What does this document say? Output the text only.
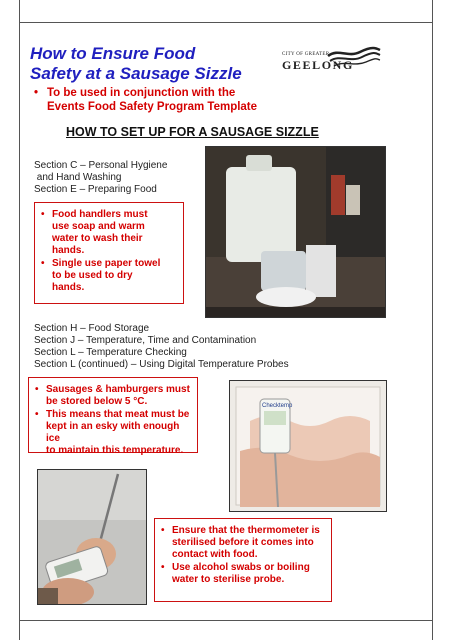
How to Ensure Food
Safety at a Sausage Sizzle
CITY OF GREATER
GEELONG
• To be used in conjunction with the
Events Food Safety Program Template
HOW TO SET UP FOR A SAUSAGE SIZZLE
Section C – Personal Hygiene
and Hand Washing
Section E – Preparing Food
• Food handlers must
use soap and warm
water to wash their
hands.
• Single use paper towel
to be used to dry
hands.
Section H – Food Storage
Section J – Temperature, Time and Contamination
Section L – Temperature Checking
Section L (continued) – Using Digital Temperature Probes
• Sausages & hamburgers must
be stored below 5 °C.
• This means that meat must be
kept in an esky with enough ice
to maintain this temperature.
Checktemp
• Ensure that the thermometer is
sterilised before it comes into
contact with food.
• Use alcohol swabs or boiling
water to sterilise probe.
